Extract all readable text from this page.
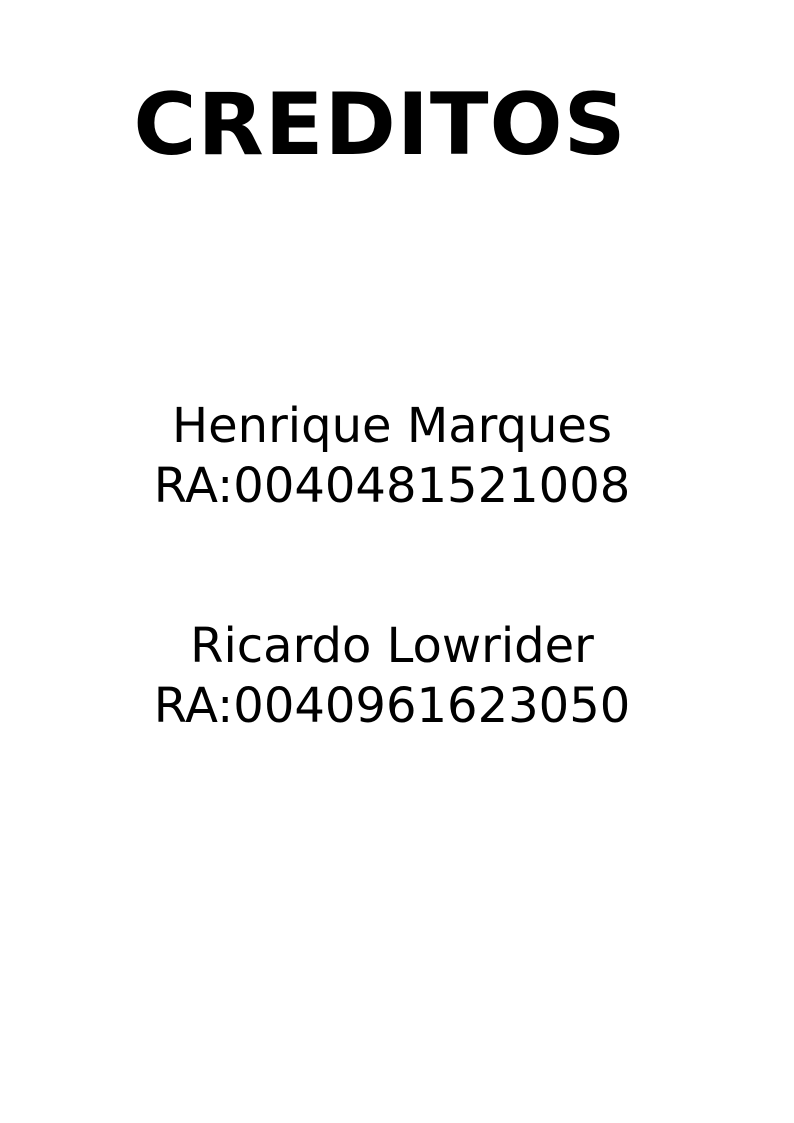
CREDITOS
Henrique Marques
RA:0040481521008
Ricardo Lowrider
RA:0040961623050
